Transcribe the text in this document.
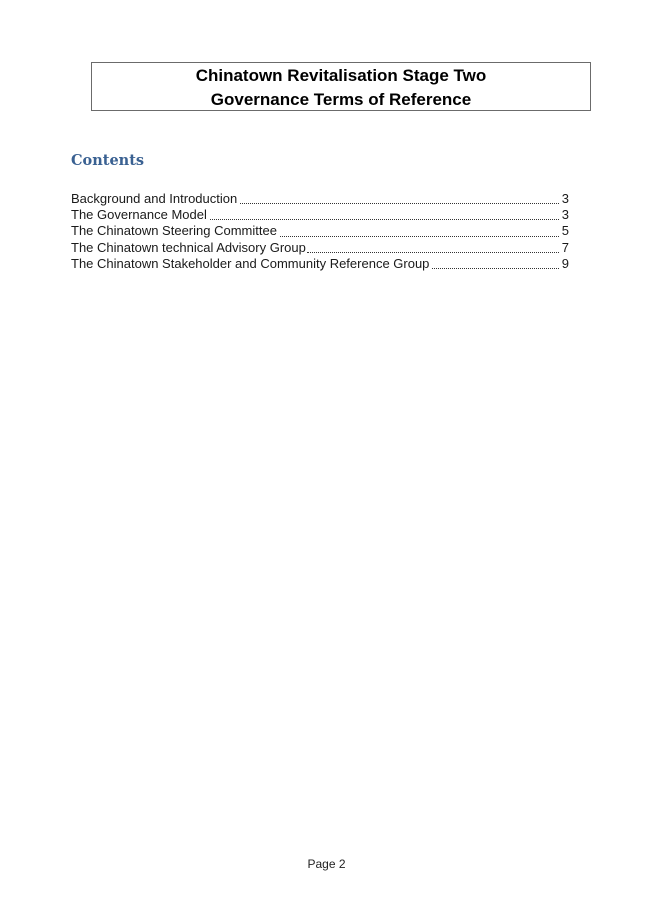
Chinatown Revitalisation Stage Two
Governance Terms of Reference
Contents
Background and Introduction	3
The Governance Model	3
The Chinatown Steering Committee	5
The Chinatown technical Advisory Group	7
The Chinatown Stakeholder and Community Reference Group	9
Page 2
